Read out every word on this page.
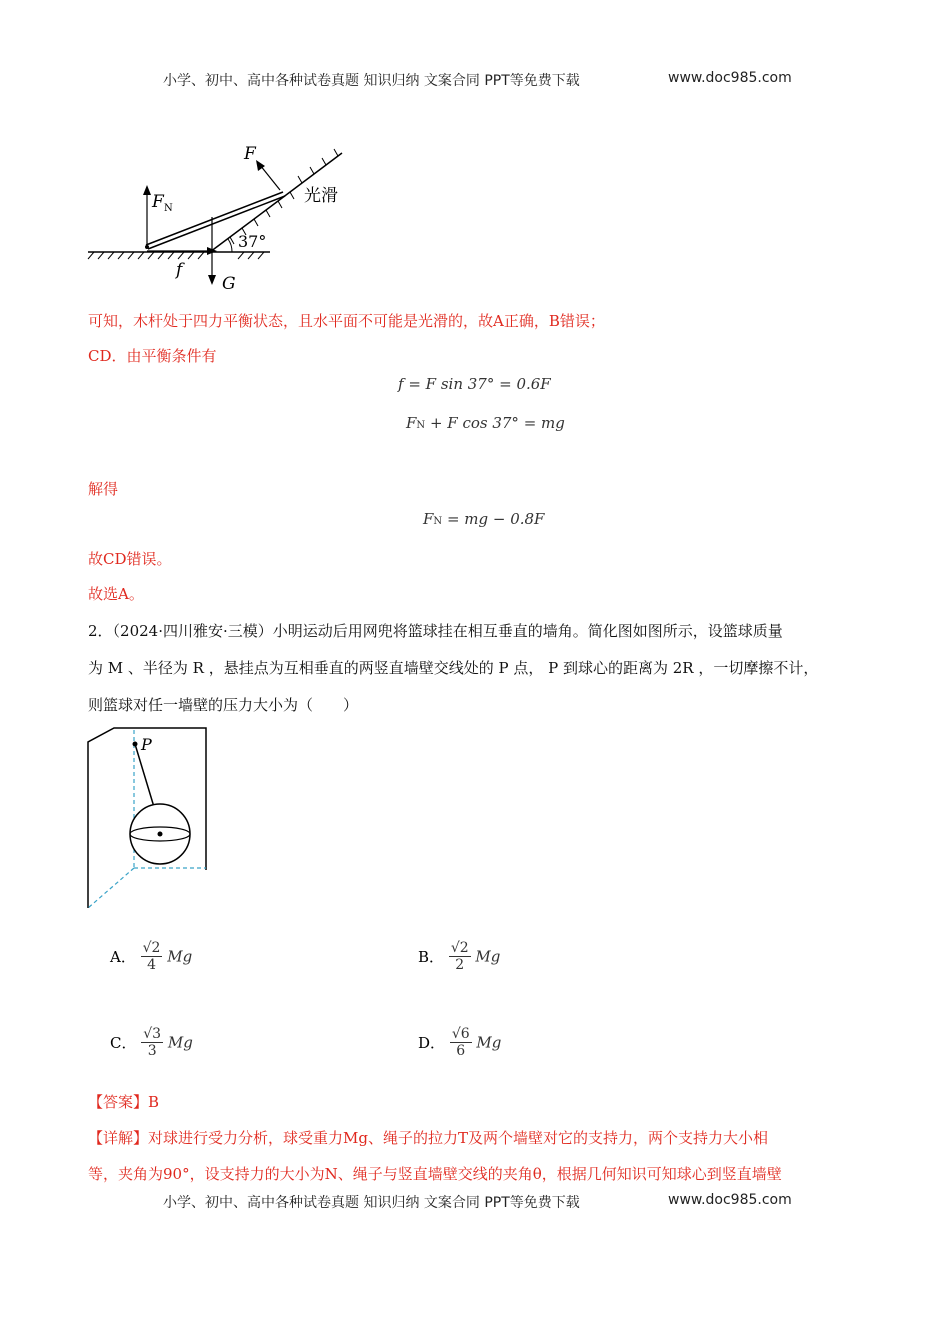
小学、初中、高中各种试卷真题 知识归纳 文案合同 PPT等免费下载	www.doc985.com
F
F N
光滑
37°
f
G
可知，木杆处于四力平衡状态，且水平面不可能是光滑的，故A正确，B错误；
CD．由平衡条件有
f = F sin 37° = 0.6F
FN + F cos 37° = mg
解得
FN = mg − 0.8F
故CD错误。
故选A。
2．（2024·四川雅安·三模）小明运动后用网兜将篮球挂在相互垂直的墙角。简化图如图所示，设篮球质量
为 M 、半径为 R ，悬挂点为互相垂直的两竖直墙壁交线处的 P 点， P 到球心的距离为 2R ，一切摩擦不计，
则篮球对任一墙壁的压力大小为（　　）
P
A． $\frac{√2}{4}$ Mg	B． $\frac{√2}{2}$ Mg
C． $\frac{√3}{3}$ Mg	D． $\frac{√6}{6}$ Mg
【答案】B
【详解】对球进行受力分析，球受重力Mg、绳子的拉力T及两个墙壁对它的支持力，两个支持力大小相
等，夹角为90°，设支持力的大小为N、绳子与竖直墙壁交线的夹角θ，根据几何知识可知球心到竖直墙壁
小学、初中、高中各种试卷真题 知识归纳 文案合同 PPT等免费下载	www.doc985.com
